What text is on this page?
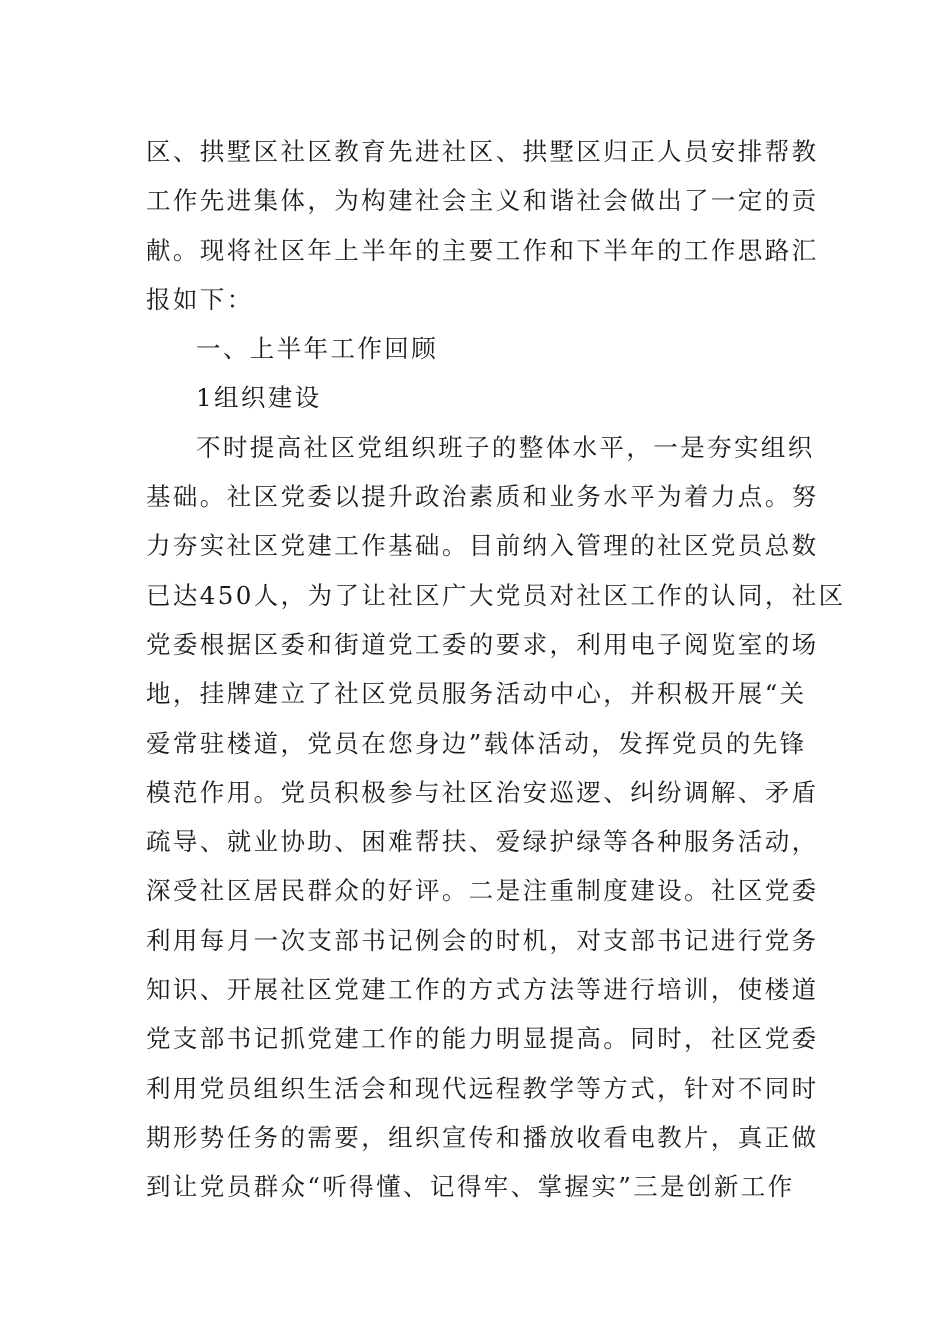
区、拱墅区社区教育先进社区、拱墅区归正人员安排帮教
工作先进集体，为构建社会主义和谐社会做出了一定的贡
献。现将社区年上半年的主要工作和下半年的工作思路汇
报如下：
一、上半年工作回顾
1组织建设
不时提高社区党组织班子的整体水平，一是夯实组织
基础。社区党委以提升政治素质和业务水平为着力点。努
力夯实社区党建工作基础。目前纳入管理的社区党员总数
已达450人，为了让社区广大党员对社区工作的认同，社区
党委根据区委和街道党工委的要求，利用电子阅览室的场
地，挂牌建立了社区党员服务活动中心，并积极开展“关
爱常驻楼道，党员在您身边”载体活动，发挥党员的先锋
模范作用。党员积极参与社区治安巡逻、纠纷调解、矛盾
疏导、就业协助、困难帮扶、爱绿护绿等各种服务活动，
深受社区居民群众的好评。二是注重制度建设。社区党委
利用每月一次支部书记例会的时机，对支部书记进行党务
知识、开展社区党建工作的方式方法等进行培训，使楼道
党支部书记抓党建工作的能力明显提高。同时，社区党委
利用党员组织生活会和现代远程教学等方式，针对不同时
期形势任务的需要，组织宣传和播放收看电教片，真正做
到让党员群众“听得懂、记得牢、掌握实”三是创新工作
